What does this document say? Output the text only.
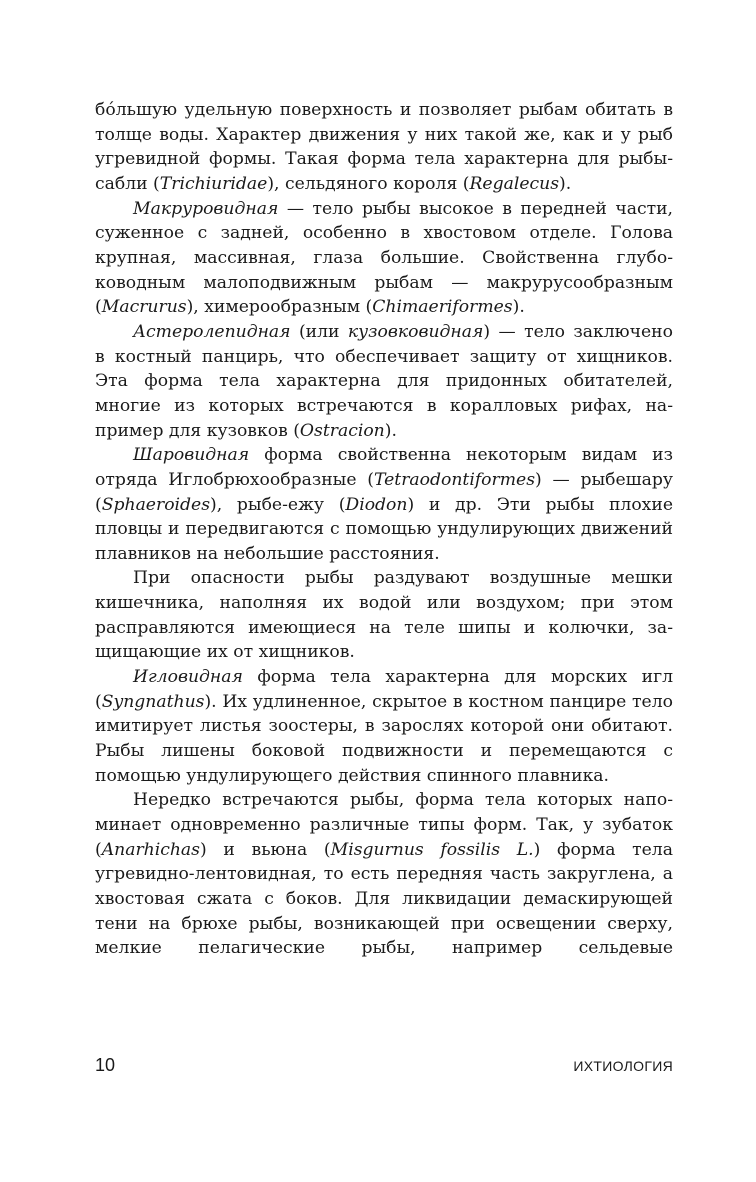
бóльшую удельную поверхность и позволяет рыбам обитать в толще воды. Характер движения у них такой же, как и у рыб угревидной формы. Такая форма тела характерна для рыбы-сабли (Trichiuridae), сельдяного короля (Regalecus).

Макруровидная — тело рыбы высокое в передней части, суженное с задней, особенно в хвостовом отделе. Голова крупная, массивная, глаза большие. Свойственна глубоководным малоподвижным рыбам — макрурусообразным (Macrurus), химерообразным (Chimaeriformes).

Астеролепидная (или кузовковидная) — тело заключено в костный панцирь, что обеспечивает защиту от хищников. Эта форма тела характерна для придонных обитателей, многие из которых встречаются в коралловых рифах, например для кузовков (Ostracion).

Шаровидная форма свойственна некоторым видам из отряда Иглобрюхообразные (Tetraodontiformes) — рыбешару (Sphaeroides), рыбе-ежу (Diodon) и др. Эти рыбы плохие пловцы и передвигаются с помощью ундулирующих движений плавников на небольшие расстояния.

При опасности рыбы раздувают воздушные мешки кишечника, наполняя их водой или воздухом; при этом расправляются имеющиеся на теле шипы и колючки, защищающие их от хищников.

Игловидная форма тела характерна для морских игл (Syngnathus). Их удлиненное, скрытое в костном панцире тело имитирует листья зоостеры, в зарослях которой они обитают. Рыбы лишены боковой подвижности и перемещаются с помощью ундулирующего действия спинного плавника.

Нередко встречаются рыбы, форма тела которых напоминает одновременно различные типы форм. Так, у зубаток (Anarhichas) и вьюна (Misgurnus fossilis L.) форма тела угревидно-лентовидная, то есть передняя часть закруглена, а хвостовая сжата с боков. Для ликвидации демаскирующей тени на брюхе рыбы, возникающей при освещении сверху, мелкие пелагические рыбы, например сельдевые

10	ИХТИОЛОГИЯ
